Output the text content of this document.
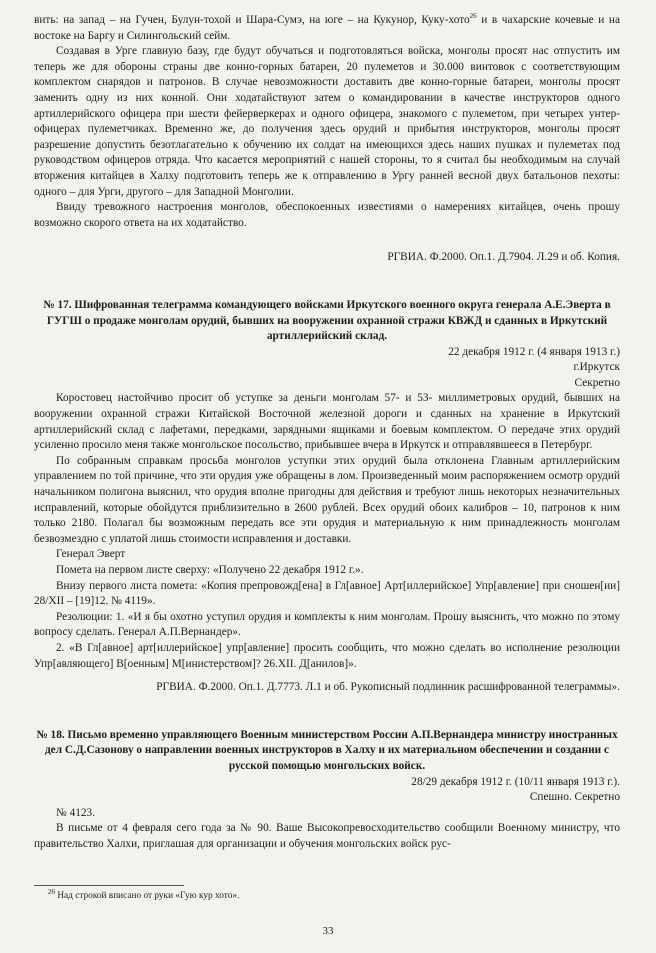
вить: на запад – на Гучен, Булун-тохой и Шара-Сумэ, на юге – на Кукунор, Куку-хото$^{26}$ и в чахарские кочевые и на востоке на Баргу и Силингольский сейм.

Создавая в Урге главную базу, где будут обучаться и подготовляться войска, монголы просят нас отпустить им теперь же для обороны страны две конно-горных батареи, 20 пулеметов и 30.000 винтовок с соответствующим комплектом снарядов и патронов. В случае невозможности доставить две конно-горные батареи, монголы просят заменить одну из них конной. Они ходатайствуют затем о командировании в качестве инструкторов одного артиллерийского офицера при шести фейерверкерах и одного офицера, знакомого с пулеметом, при четырех унтер-офицерах пулеметчиках. Временно же, до получения здесь орудий и прибытия инструкторов, монголы просят разрешение допустить безотлагательно к обучению их солдат на имеющихся здесь наших пушках и пулеметах под руководством офицеров отряда. Что касается мероприятий с нашей стороны, то я считал бы необходимым на случай вторжения китайцев в Халху подготовить теперь же к отправлению в Ургу ранней весной двух батальонов пехоты: одного – для Урги, другого – для Западной Монголии.

Ввиду тревожного настроения монголов, обеспокоенных известиями о намерениях китайцев, очень прошу возможно скорого ответа на их ходатайство.

РГВИА. Ф.2000. Оп.1. Д.7904. Л.29 и об. Копия.

№ 17. Шифрованная телеграмма командующего войсками Иркутского военного округа генерала А.Е.Эверта в ГУГШ о продаже монголам орудий, бывших на вооружении охранной стражи КВЖД и сданных в Иркутский артиллерийский склад.

22 декабря 1912 г. (4 января 1913 г.)

г.Иркутск

Секретно

Коростовец настойчиво просит об уступке за деньги монголам 57- и 53- миллиметровых орудий, бывших на вооружении охранной стражи Китайской Восточной железной дороги и сданных на хранение в Иркутский артиллерийский склад с лафетами, передками, зарядными ящиками и боевым комплектом. О передаче этих орудий усиленно просило меня также монгольское посольство, прибывшее вчера в Иркутск и отправлявшееся в Петербург.

По собранным справкам просьба монголов уступки этих орудий была отклонена Главным артиллерийским управлением по той причине, что эти орудия уже обращены в лом. Произведенный моим распоряжением осмотр орудий начальником полигона выяснил, что орудия вполне пригодны для действия и требуют лишь некоторых незначительных исправлений, которые обойдутся приблизительно в 2600 рублей. Всех орудий обоих калибров – 10, патронов к ним только 2180. Полагал бы возможным передать все эти орудия и материальную к ним принадлежность монголам безвозмездно с уплатой лишь стоимости исправления и доставки.

Генерал Эверт

Помета на первом листе сверху: «Получено 22 декабря 1912 г.».

Внизу первого листа помета: «Копия препровожд[ена] в Гл[авное] Арт[иллерийское] Упр[авление] при сношен[ии] 28/XII – [19]12. № 4119».

Резолюции: 1. «И я бы охотно уступил орудия и комплекты к ним монголам. Прошу выяснить, что можно по этому вопросу сделать. Генерал А.П.Вернандер».

2. «В Гл[авное] арт[иллерийское] упр[авление] просить сообщить, что можно сделать во исполнение резолюции Упр[авляющего] В[оенным] М[инистерством]? 26.XII. Д[анилов]».

РГВИА. Ф.2000. Оп.1. Д.7773. Л.1 и об. Рукописный подлинник расшифрованной телеграммы».

№ 18. Письмо временно управляющего Военным министерством России А.П.Вернандера министру иностранных дел С.Д.Сазонову о направлении военных инструкторов в Халху и их материальном обеспечении и создании с русской помощью монгольских войск.

28/29 декабря 1912 г. (10/11 января 1913 г.).

Спешно. Секретно

№ 4123.

В письме от 4 февраля сего года за № 90. Ваше Высокопревосходительство сообщили Военному министру, что правительство Халхи, приглашая для организации и обучения монгольских войск рус-

$^{26}$ Над строкой вписано от руки «Гую кур хото».
33
